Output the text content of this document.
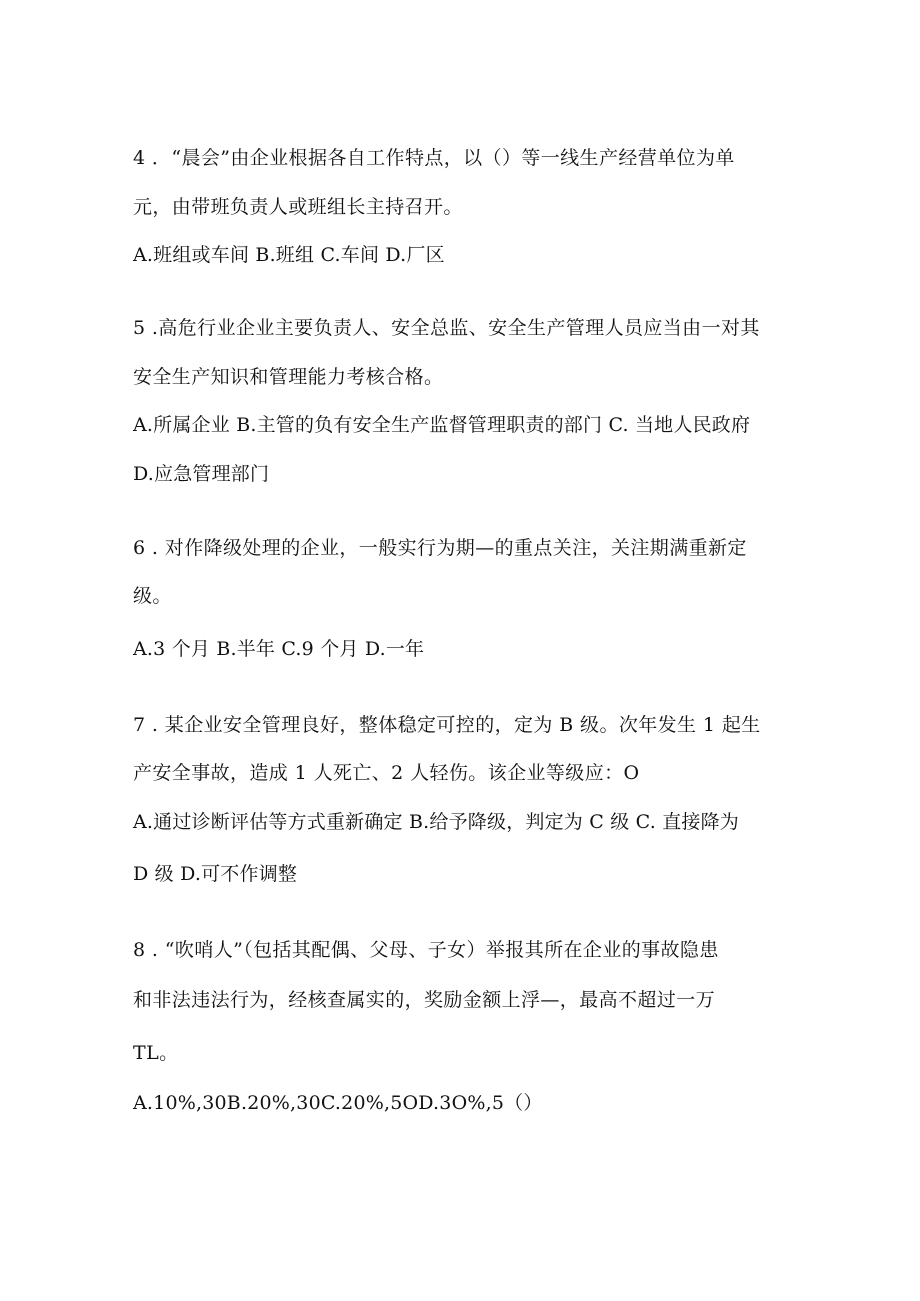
4 ．“晨会”由企业根据各自工作特点，以（）等一线生产经营单位为单
元，由带班负责人或班组长主持召开。
A.班组或车间 B.班组 C.车间 D.厂区
5 .高危行业企业主要负责人、安全总监、安全生产管理人员应当由一对其
安全生产知识和管理能力考核合格。
A.所属企业 B.主管的负有安全生产监督管理职责的部门 C. 当地人民政府
D.应急管理部门
6 . 对作降级处理的企业，一般实行为期—的重点关注，关注期满重新定
级。
A.3 个月 B.半年 C.9 个月 D.一年
7 . 某企业安全管理良好，整体稳定可控的，定为 B 级。次年发生 1 起生
产安全事故，造成 1 人死亡、2 人轻伤。该企业等级应：O
A.通过诊断评估等方式重新确定 B.给予降级，判定为 C 级 C. 直接降为
D 级 D.可不作调整
8 . “吹哨人”（包括其配偶、父母、子女）举报其所在企业的事故隐患
和非法违法行为，经核查属实的，奖励金额上浮—，最高不超过一万
TL。
A.10%,30B.20%,30C.20%,5OD.3O%,5（）
